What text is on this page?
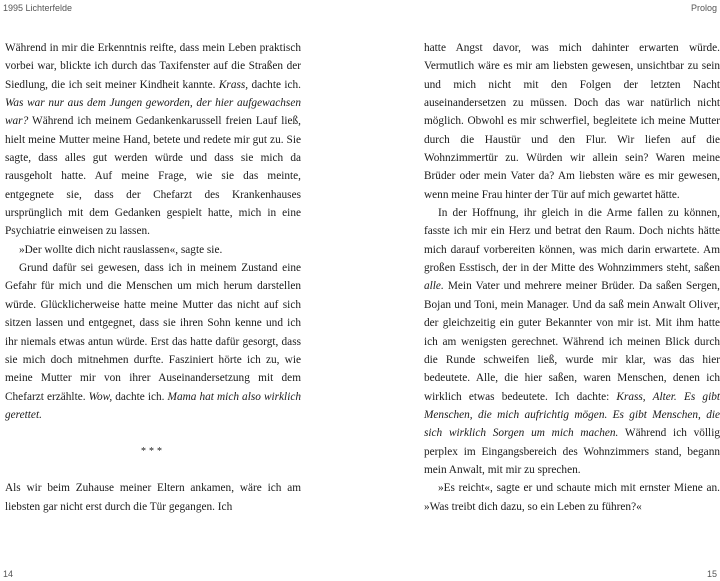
1995 Lichterfelde	Prolog

Während in mir die Erkenntnis reifte, dass mein Leben praktisch vorbei war, blickte ich durch das Taxifenster auf die Straßen der Siedlung, die ich seit meiner Kindheit kannte. Krass, dachte ich. Was war nur aus dem Jungen geworden, der hier aufgewachsen war? Während ich meinem Gedankenkarussell freien Lauf ließ, hielt meine Mutter meine Hand, betete und redete mir gut zu. Sie sagte, dass alles gut werden würde und dass sie mich da rausgeholt hatte. Auf meine Frage, wie sie das meinte, entgegnete sie, dass der Chefarzt des Krankenhauses ursprünglich mit dem Gedanken gespielt hatte, mich in eine Psychiatrie einweisen zu lassen.

»Der wollte dich nicht rauslassen«, sagte sie.

Grund dafür sei gewesen, dass ich in meinem Zustand eine Gefahr für mich und die Menschen um mich herum darstellen würde. Glücklicherweise hatte meine Mutter das nicht auf sich sitzen lassen und entgegnet, dass sie ihren Sohn kenne und ich ihr niemals etwas antun würde. Erst das hatte dafür gesorgt, dass sie mich doch mitnehmen durfte. Fasziniert hörte ich zu, wie meine Mutter mir von ihrer Auseinandersetzung mit dem Chefarzt erzählte. Wow, dachte ich. Mama hat mich also wirklich gerettet.

***

Als wir beim Zuhause meiner Eltern ankamen, wäre ich am liebsten gar nicht erst durch die Tür gegangen. Ich

hatte Angst davor, was mich dahinter erwarten würde. Vermutlich wäre es mir am liebsten gewesen, unsichtbar zu sein und mich nicht mit den Folgen der letzten Nacht auseinandersetzen zu müssen. Doch das war natürlich nicht möglich. Obwohl es mir schwerfiel, begleitete ich meine Mutter durch die Haustür und den Flur. Wir liefen auf die Wohnzimmertür zu. Würden wir allein sein? Waren meine Brüder oder mein Vater da? Am liebsten wäre es mir gewesen, wenn meine Frau hinter der Tür auf mich gewartet hätte.

In der Hoffnung, ihr gleich in die Arme fallen zu können, fasste ich mir ein Herz und betrat den Raum. Doch nichts hätte mich darauf vorbereiten können, was mich darin erwartete. Am großen Esstisch, der in der Mitte des Wohnzimmers steht, saßen alle. Mein Vater und mehrere meiner Brüder. Da saßen Sergen, Bojan und Toni, mein Manager. Und da saß mein Anwalt Oliver, der gleichzeitig ein guter Bekannter von mir ist. Mit ihm hatte ich am wenigsten gerechnet. Während ich meinen Blick durch die Runde schweifen ließ, wurde mir klar, was das hier bedeutete. Alle, die hier saßen, waren Menschen, denen ich wirklich etwas bedeutete. Ich dachte: Krass, Alter. Es gibt Menschen, die mich aufrichtig mögen. Es gibt Menschen, die sich wirklich Sorgen um mich machen. Während ich völlig perplex im Eingangsbereich des Wohnzimmers stand, begann mein Anwalt, mit mir zu sprechen.

»Es reicht«, sagte er und schaute mich mit ernster Miene an. »Was treibt dich dazu, so ein Leben zu führen?«

14	15
